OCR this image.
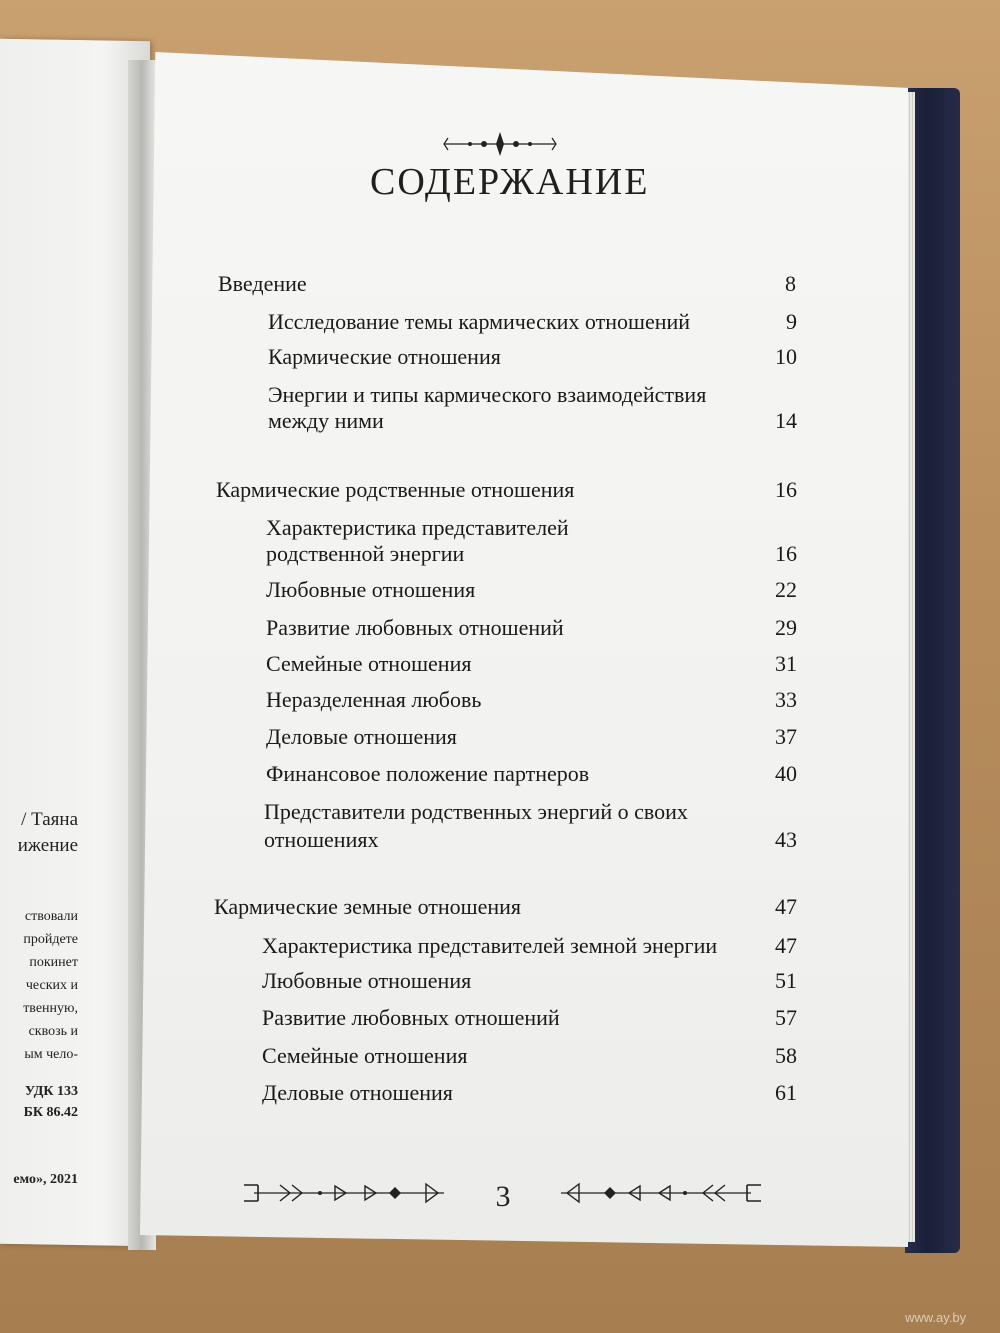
/ Таяна
ижение
ствовали
пройдете
покинет
ческих и
твенную,
сквозь и
ым чело-
УДК 133
БК 86.42
емо», 2021
СОДЕРЖАНИЕ
Введение	8
Исследование темы кармических отношений	9
Кармические отношения	10
Энергии и типы кармического взаимодействия
между ними	14
Кармические родственные отношения	16
Характеристика представителей
родственной энергии	16
Любовные отношения	22
Развитие любовных отношений	29
Семейные отношения	31
Неразделенная любовь	33
Деловые отношения	37
Финансовое положение партнеров	40
Представители родственных энергий о своих
отношениях	43
Кармические земные отношения	47
Характеристика представителей земной энергии	47
Любовные отношения	51
Развитие любовных отношений	57
Семейные отношения	58
Деловые отношения	61
3
www.ay.by
